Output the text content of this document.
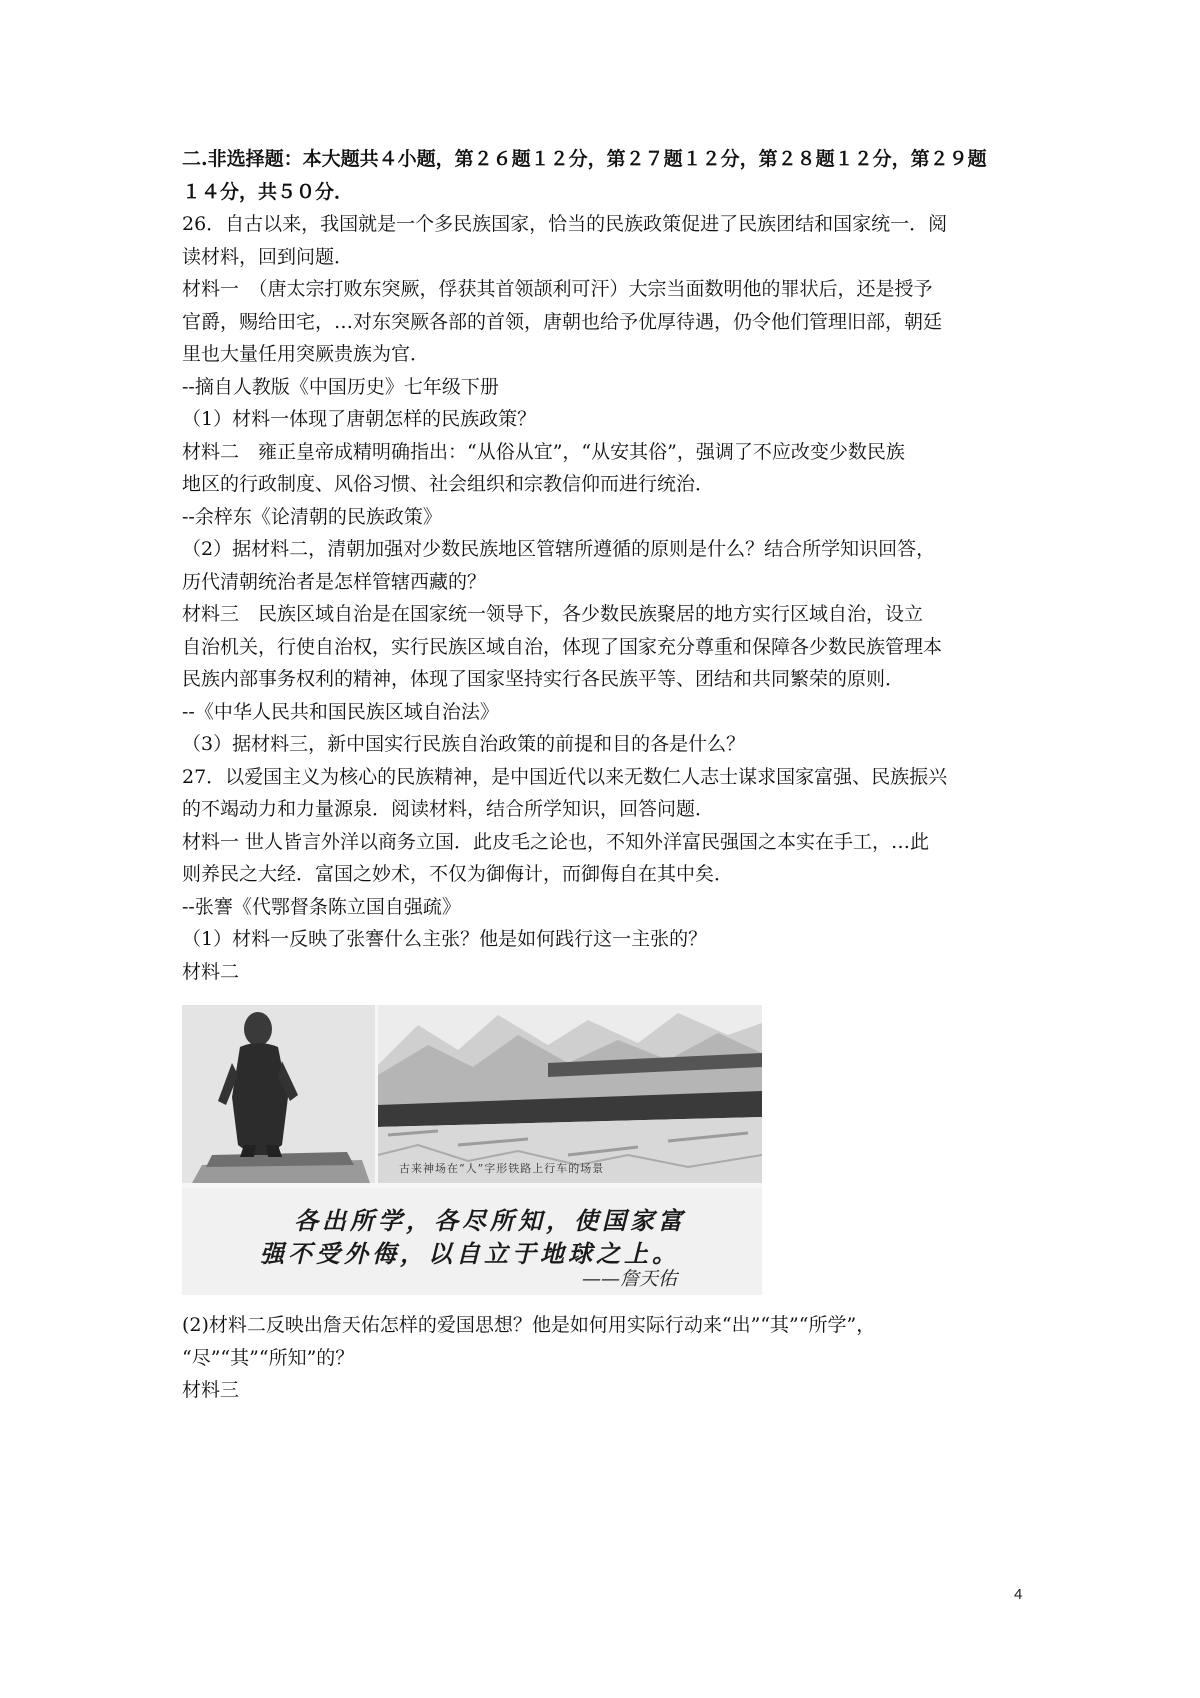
二.非选择题：本大题共４小题，第２６题１２分，第２７题１２分，第２８题１２分，第２９题
１４分，共５０分．
26．自古以来，我国就是一个多民族国家，恰当的民族政策促进了民族团结和国家统一．阅
读材料，回到问题．
材料一　（唐太宗打败东突厥，俘获其首领颉利可汗）大宗当面数明他的罪状后，还是授予
官爵，赐给田宅，…对东突厥各部的首领，唐朝也给予优厚待遇，仍令他们管理旧部，朝廷
里也大量任用突厥贵族为官．
--摘自人教版《中国历史》七年级下册
（1）材料一体现了唐朝怎样的民族政策？
材料二　雍正皇帝成精明确指出：“从俗从宜”，“从安其俗”，强调了不应改变少数民族
地区的行政制度、风俗习惯、社会组织和宗教信仰而进行统治．
--余梓东《论清朝的民族政策》
（2）据材料二，清朝加强对少数民族地区管辖所遵循的原则是什么？结合所学知识回答，
历代清朝统治者是怎样管辖西藏的？
材料三　民族区域自治是在国家统一领导下，各少数民族聚居的地方实行区域自治，设立
自治机关，行使自治权，实行民族区域自治，体现了国家充分尊重和保障各少数民族管理本
民族内部事务权利的精神，体现了国家坚持实行各民族平等、团结和共同繁荣的原则．
--《中华人民共和国民族区域自治法》
（3）据材料三，新中国实行民族自治政策的前提和目的各是什么？
27．以爱国主义为核心的民族精神，是中国近代以来无数仁人志士谋求国家富强、民族振兴
的不竭动力和力量源泉．阅读材料，结合所学知识，回答问题．
材料一 世人皆言外洋以商务立国．此皮毛之论也，不知外洋富民强国之本实在手工，…此
则养民之大经．富国之妙术，不仅为御侮计，而御侮自在其中矣．
--张謇《代鄂督条陈立国自强疏》
（1）材料一反映了张謇什么主张？他是如何践行这一主张的？
材料二
古来神场在“人”字形铁路上行车的场景
各出所学，各尽所知，使国家富
强不受外侮，以自立于地球之上。
——詹天佑
(2)材料二反映出詹天佑怎样的爱国思想？他是如何用实际行动来“出”“其”“所学”，
“尽”“其”“所知”的？
材料三
4
